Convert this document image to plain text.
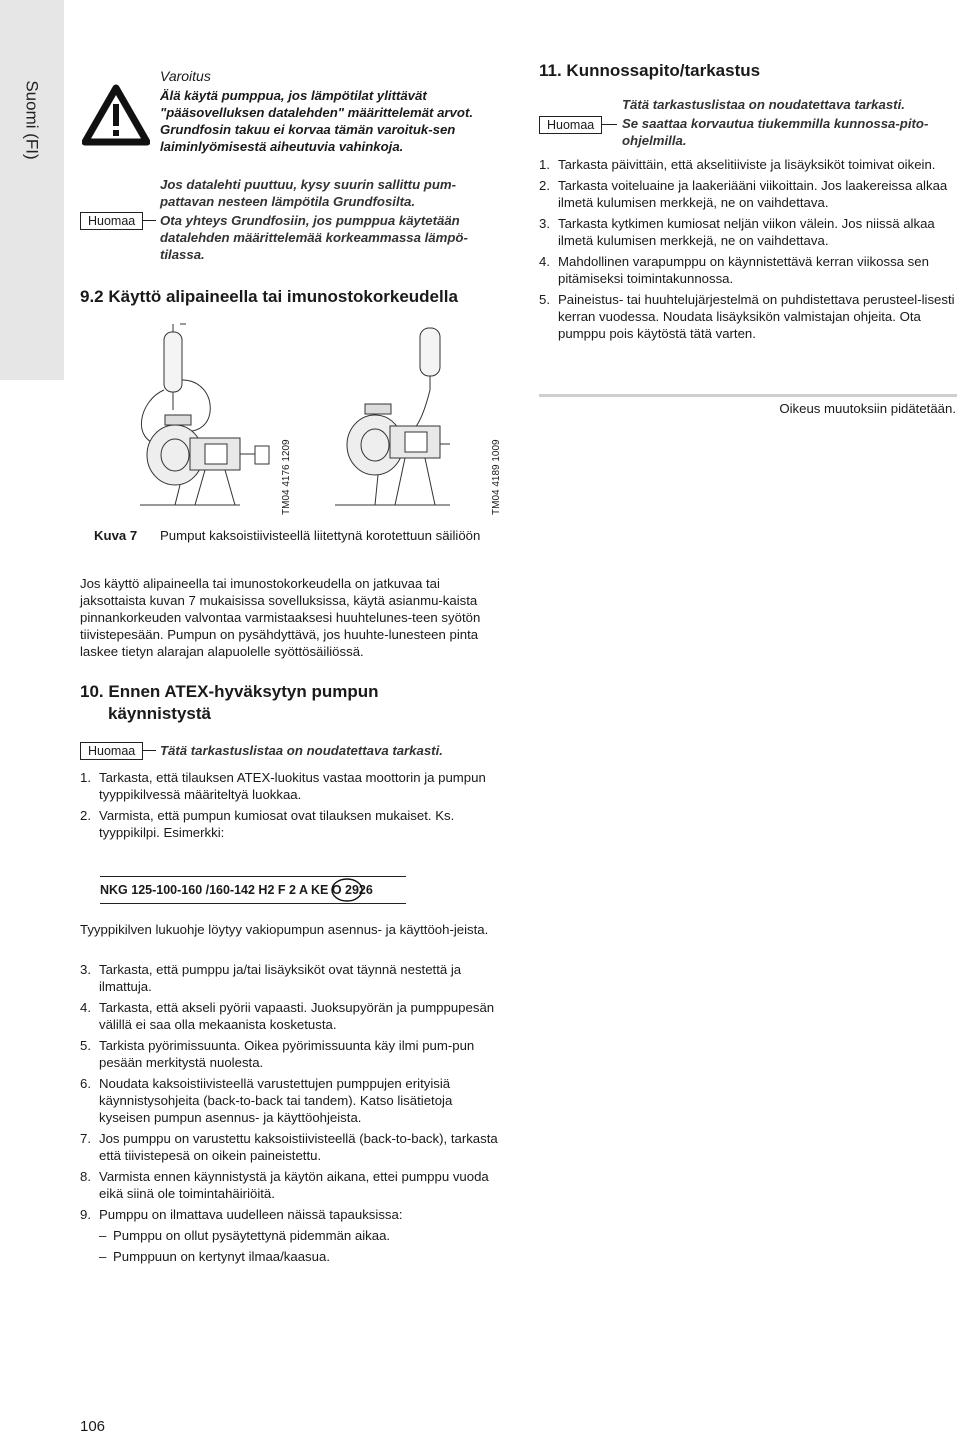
Suomi (FI)

Varoitus

Älä käytä pumppua, jos lämpötilat ylittävät "pääsovelluksen datalehden" määrittelemät arvot. Grundfosin takuu ei korvaa tämän varoituk-sen laiminlyömisestä aiheutuvia vahinkoja.

Jos datalehti puuttuu, kysy suurin sallittu pum-pattavan nesteen lämpötila Grundfosilta.
Huomaa	Ota yhteys Grundfosiin, jos pumppua käytetään datalehden määrittelemää korkeammassa lämpö-tilassa.
9.2 Käyttö alipaineella tai imunostokorkeudella
TM04 4176 1209	TM04 4189 1009
Kuva 7 Pumput kaksoistiivisteellä liitettynä korotettuun säiliöön

Jos käyttö alipaineella tai imunostokorkeudella on jatkuvaa tai jaksottaista kuvan 7 mukaisissa sovelluksissa, käytä asianmu-kaista pinnankorkeuden valvontaa varmistaaksesi huuhtelunes-teen syötön tiivistepesään. Pumpun on pysähdyttävä, jos huuhte-lunesteen pinta laskee tietyn alarajan alapuolelle syöttösäiliössä.

10. Ennen ATEX-hyväksytyn pumpun
käynnistystä
Huomaa	Tätä tarkastuslistaa on noudatettava tarkasti.
1. Tarkasta, että tilauksen ATEX-luokitus vastaa moottorin ja pumpun tyyppikilvessä määriteltyä luokkaa.
2. Varmista, että pumpun kumiosat ovat tilauksen mukaiset. Ks. tyyppikilpi. Esimerkki:
NKG 125-100-160 /160-142 H2 F 2 A KE O 2926

Tyyppikilven lukuohje löytyy vakiopumpun asennus- ja käyttöoh-jeista.

3. Tarkasta, että pumppu ja/tai lisäyksiköt ovat täynnä nestettä ja ilmattuja.
4. Tarkasta, että akseli pyörii vapaasti. Juoksupyörän ja pumppupesän välillä ei saa olla mekaanista kosketusta.
5. Tarkista pyörimissuunta. Oikea pyörimissuunta käy ilmi pum-pun pesään merkitystä nuolesta.
6. Noudata kaksoistiivisteellä varustettujen pumppujen erityisiä käynnistysohjeita (back-to-back tai tandem). Katso lisätietoja kyseisen pumpun asennus- ja käyttöohjeista.
7. Jos pumppu on varustettu kaksoistiivisteellä (back-to-back), tarkasta että tiivistepesä on oikein paineistettu.
8. Varmista ennen käynnistystä ja käytön aikana, ettei pumppu vuoda eikä siinä ole toimintahäiriöitä.
9. Pumppu on ilmattava uudelleen näissä tapauksissa:
– Pumppu on ollut pysäytettynä pidemmän aikaa.
– Pumppuun on kertynyt ilmaa/kaasua.
11. Kunnossapito/tarkastus
Tätä tarkastuslistaa on noudatettava tarkasti.
Huomaa	Se saattaa korvautua tiukemmilla kunnossa-pito-ohjelmilla.
1. Tarkasta päivittäin, että akselitiiviste ja lisäyksiköt toimivat oikein.
2. Tarkasta voiteluaine ja laakeriääni viikoittain. Jos laakereissa alkaa ilmetä kulumisen merkkejä, ne on vaihdettava.
3. Tarkasta kytkimen kumiosat neljän viikon välein. Jos niissä alkaa ilmetä kulumisen merkkejä, ne on vaihdettava.
4. Mahdollinen varapumppu on käynnistettävä kerran viikossa sen pitämiseksi toimintakunnossa.
5. Paineistus- tai huuhtelujärjestelmä on puhdistettava perusteel-lisesti kerran vuodessa. Noudata lisäyksikön valmistajan ohjeita. Ota pumppu pois käytöstä tätä varten.
Oikeus muutoksiin pidätetään.
106
